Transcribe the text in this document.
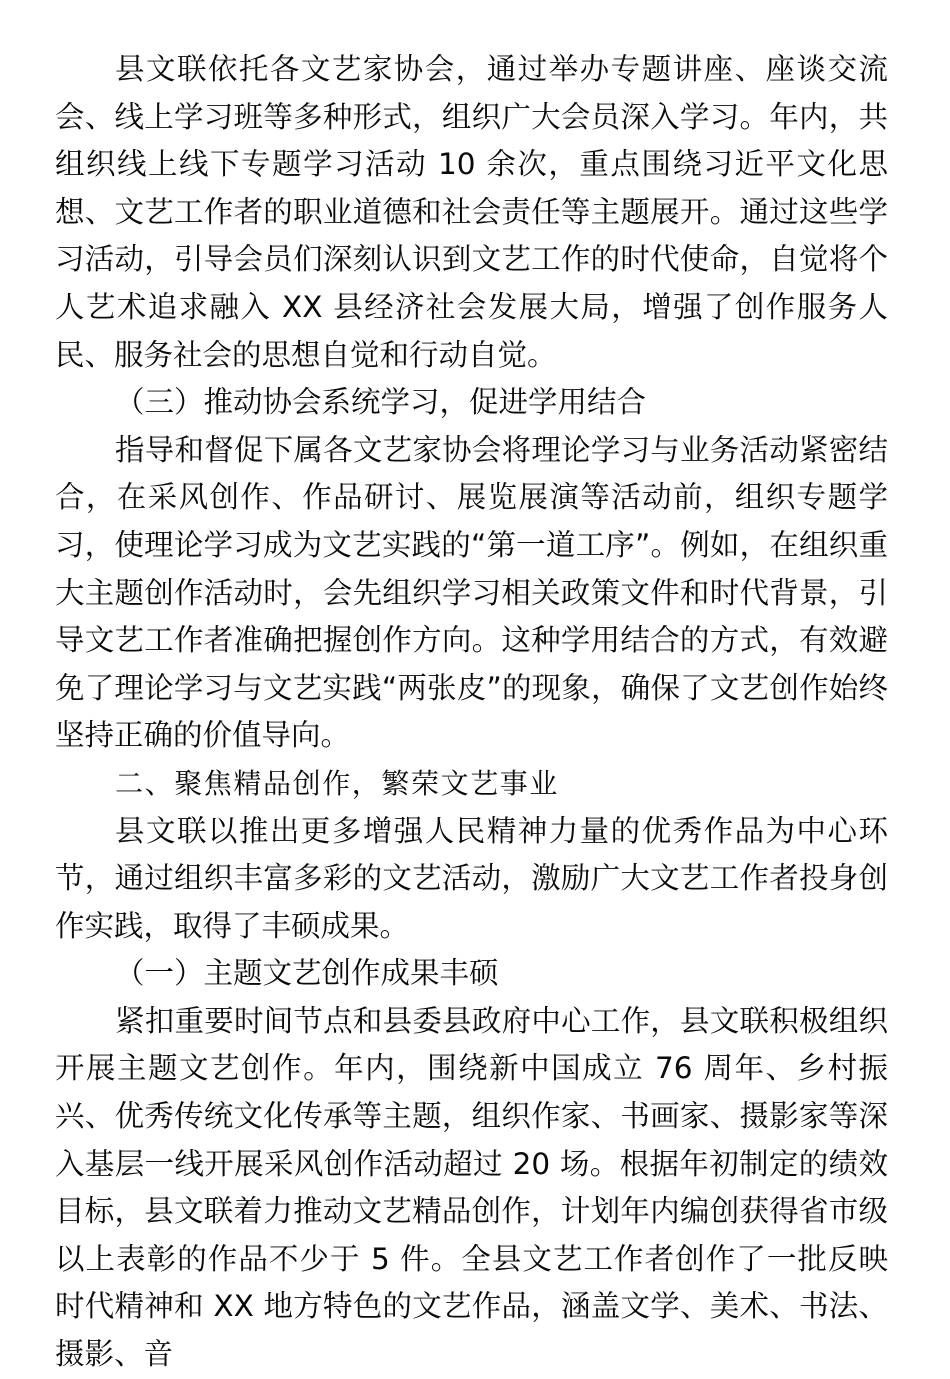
县文联依托各文艺家协会，通过举办专题讲座、座谈交流会、线上学习班等多种形式，组织广大会员深入学习。年内，共组织线上线下专题学习活动 10 余次，重点围绕习近平文化思想、文艺工作者的职业道德和社会责任等主题展开。通过这些学习活动，引导会员们深刻认识到文艺工作的时代使命，自觉将个人艺术追求融入 XX 县经济社会发展大局，增强了创作服务人民、服务社会的思想自觉和行动自觉。

（三）推动协会系统学习，促进学用结合

指导和督促下属各文艺家协会将理论学习与业务活动紧密结合，在采风创作、作品研讨、展览展演等活动前，组织专题学习，使理论学习成为文艺实践的“第一道工序”。例如，在组织重大主题创作活动时，会先组织学习相关政策文件和时代背景，引导文艺工作者准确把握创作方向。这种学用结合的方式，有效避免了理论学习与文艺实践“两张皮”的现象，确保了文艺创作始终坚持正确的价值导向。

二、聚焦精品创作，繁荣文艺事业

县文联以推出更多增强人民精神力量的优秀作品为中心环节，通过组织丰富多彩的文艺活动，激励广大文艺工作者投身创作实践，取得了丰硕成果。

（一）主题文艺创作成果丰硕

紧扣重要时间节点和县委县政府中心工作，县文联积极组织开展主题文艺创作。年内，围绕新中国成立 76 周年、乡村振兴、优秀传统文化传承等主题，组织作家、书画家、摄影家等深入基层一线开展采风创作活动超过 20 场。根据年初制定的绩效目标，县文联着力推动文艺精品创作，计划年内编创获得省市级以上表彰的作品不少于 5 件。全县文艺工作者创作了一批反映时代精神和 XX 地方特色的文艺作品，涵盖文学、美术、书法、摄影、音
